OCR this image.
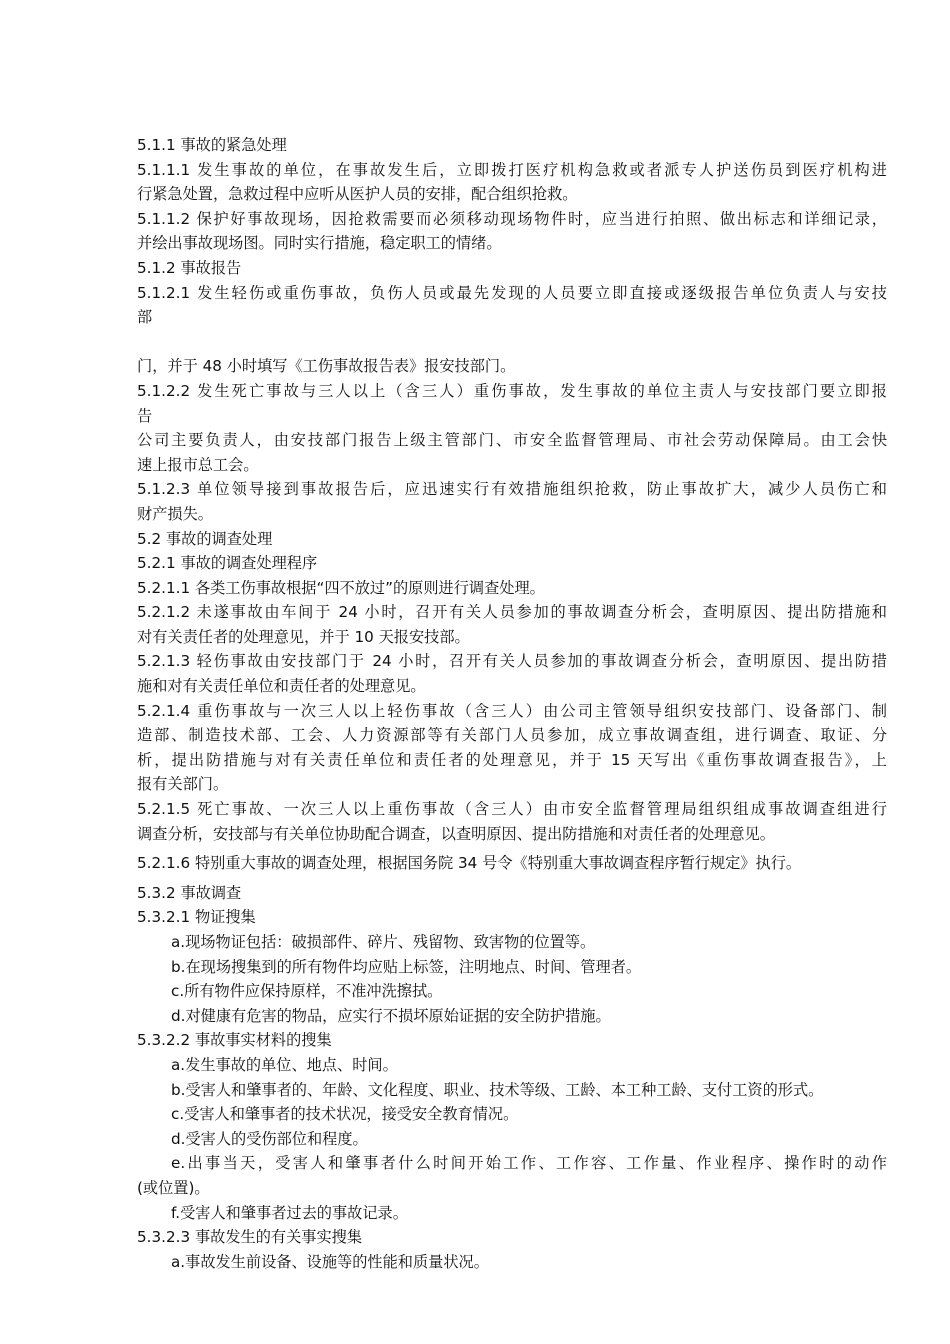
5.1.1 事故的紧急处理
5.1.1.1 发生事故的单位，在事故发生后，立即拨打医疗机构急救或者派专人护送伤员到医疗机构进
行紧急处置，急救过程中应听从医护人员的安排，配合组织抢救。
5.1.1.2 保护好事故现场，因抢救需要而必须移动现场物件时，应当进行拍照、做出标志和详细记录，
并绘出事故现场图。同时实行措施，稳定职工的情绪。
5.1.2 事故报告
5.1.2.1 发生轻伤或重伤事故，负伤人员或最先发现的人员要立即直接或逐级报告单位负责人与安技
部
门，并于 48 小时填写《工伤事故报告表》报安技部门。
5.1.2.2 发生死亡事故与三人以上（含三人）重伤事故，发生事故的单位主责人与安技部门要立即报
告
公司主要负责人，由安技部门报告上级主管部门、市安全监督管理局、市社会劳动保障局。由工会快
速上报市总工会。
5.1.2.3 单位领导接到事故报告后，应迅速实行有效措施组织抢救，防止事故扩大，减少人员伤亡和
财产损失。
5.2 事故的调查处理
5.2.1 事故的调查处理程序
5.2.1.1 各类工伤事故根据“四不放过”的原则进行调查处理。
5.2.1.2 未遂事故由车间于 24 小时，召开有关人员参加的事故调查分析会，查明原因、提出防措施和
对有关责任者的处理意见，并于 10 天报安技部。
5.2.1.3 轻伤事故由安技部门于 24 小时，召开有关人员参加的事故调查分析会，查明原因、提出防措
施和对有关责任单位和责任者的处理意见。
5.2.1.4 重伤事故与一次三人以上轻伤事故（含三人）由公司主管领导组织安技部门、设备部门、制
造部、制造技术部、工会、人力资源部等有关部门人员参加，成立事故调查组，进行调查、取证、分
析，提出防措施与对有关责任单位和责任者的处理意见，并于 15 天写出《重伤事故调查报告》，上
报有关部门。
5.2.1.5 死亡事故、一次三人以上重伤事故（含三人）由市安全监督管理局组织组成事故调查组进行
调查分析，安技部与有关单位协助配合调查，以查明原因、提出防措施和对责任者的处理意见。
5.2.1.6 特别重大事故的调查处理，根据国务院 34 号令《特别重大事故调查程序暂行规定》执行。
5.3.2 事故调查
5.3.2.1 物证搜集
a.现场物证包括：破损部件、碎片、残留物、致害物的位置等。
b.在现场搜集到的所有物件均应贴上标签，注明地点、时间、管理者。
c.所有物件应保持原样，不准冲洗擦拭。
d.对健康有危害的物品，应实行不损坏原始证据的安全防护措施。
5.3.2.2 事故事实材料的搜集
a.发生事故的单位、地点、时间。
b.受害人和肇事者的、年龄、文化程度、职业、技术等级、工龄、本工种工龄、支付工资的形式。
c.受害人和肇事者的技术状况，接受安全教育情况。
d.受害人的受伤部位和程度。
e.出事当天，受害人和肇事者什么时间开始工作、工作容、工作量、作业程序、操作时的动作
(或位置)。
f.受害人和肇事者过去的事故记录。
5.3.2.3 事故发生的有关事实搜集
a.事故发生前设备、设施等的性能和质量状况。
